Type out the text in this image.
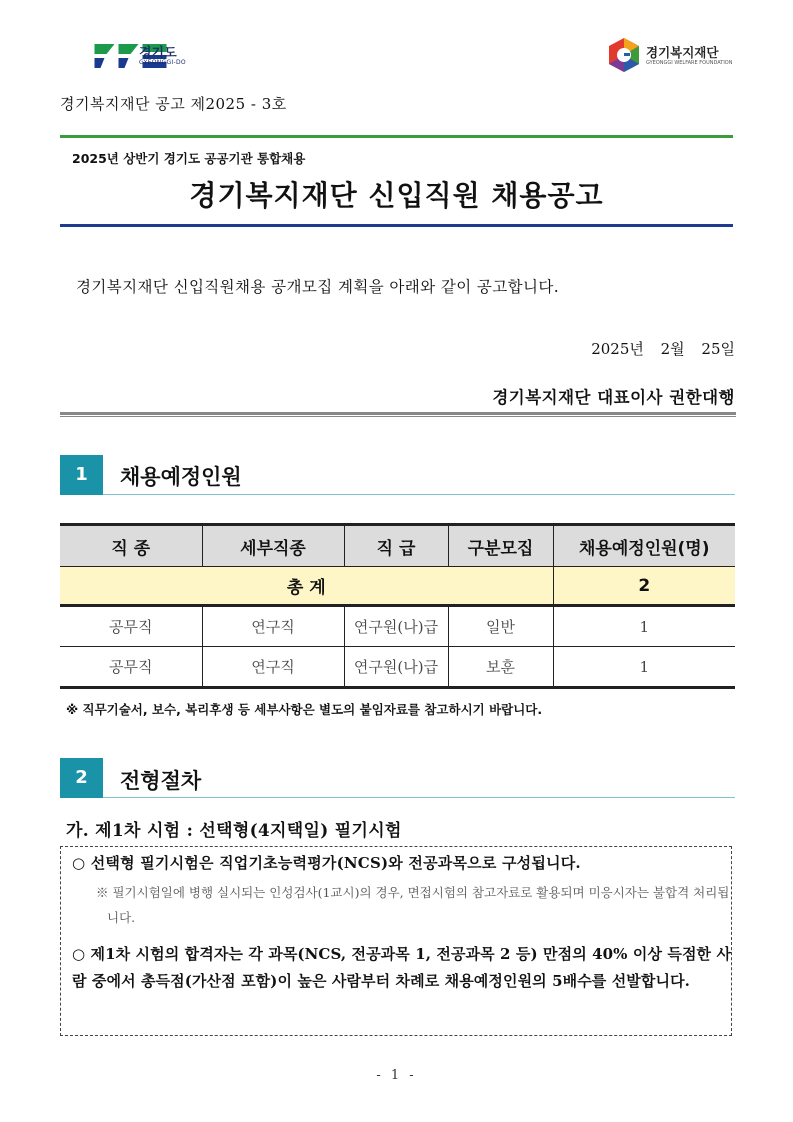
경기도
GYEONGGI-DO
경기복지재단
GYEONGGI WELFARE FOUNDATION
경기복지재단 공고 제2025 - 3호
2025년 상반기 경기도 공공기관 통합채용
경기복지재단 신입직원 채용공고
경기복지재단 신입직원채용 공개모집 계획을 아래와 같이 공고합니다.
2025년 2월 25일
경기복지재단 대표이사 권한대행
1	채용예정인원
직 종	세부직종	직 급	구분모집	채용예정인원(명)
총 계				2
공무직	연구직	연구원(나)급	일반	1
공무직	연구직	연구원(나)급	보훈	1
※ 직무기술서, 보수, 복리후생 등 세부사항은 별도의 붙임자료를 참고하시기 바랍니다.
2	전형절차
가. 제1차 시험 : 선택형(4지택일) 필기시험
○ 선택형 필기시험은 직업기초능력평가(NCS)와 전공과목으로 구성됩니다.
※ 필기시험일에 병행 실시되는 인성검사(1교시)의 경우, 면접시험의 참고자료로 활용되며 미응시자는 불합격 처리됩니다.
○ 제1차 시험의 합격자는 각 과목(NCS, 전공과목 1, 전공과목 2 등) 만점의 40% 이상 득점한 사람 중에서 총득점(가산점 포함)이 높은 사람부터 차례로 채용예정인원의 5배수를 선발합니다.
- 1 -
